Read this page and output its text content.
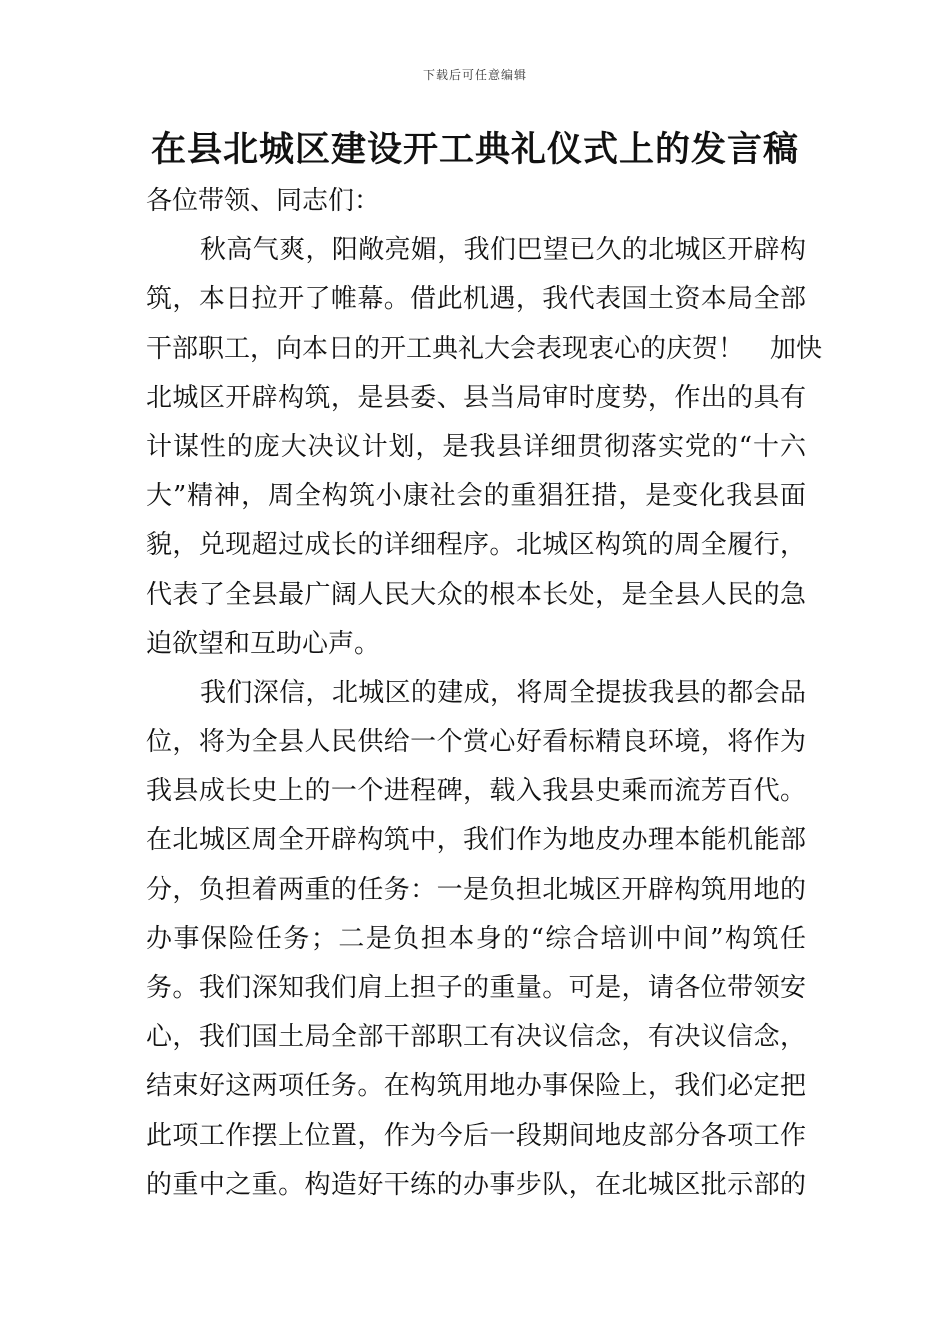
下载后可任意编辑
在县北城区建设开工典礼仪式上的发言稿
各位带领、同志们：
秋高气爽，阳敞亮媚，我们巴望已久的北城区开辟构
筑，本日拉开了帷幕。借此机遇，我代表国土资本局全部
干部职工，向本日的开工典礼大会表现衷心的庆贺！　加快
北城区开辟构筑，是县委、县当局审时度势，作出的具有
计谋性的庞大决议计划，是我县详细贯彻落实党的“十六
大”精神，周全构筑小康社会的重猖狂措，是变化我县面
貌，兑现超过成长的详细程序。北城区构筑的周全履行，
代表了全县最广阔人民大众的根本长处，是全县人民的急
迫欲望和互助心声。
我们深信，北城区的建成，将周全提拔我县的都会品
位，将为全县人民供给一个赏心好看标精良环境，将作为
我县成长史上的一个进程碑，载入我县史乘而流芳百代。
在北城区周全开辟构筑中，我们作为地皮办理本能机能部
分，负担着两重的任务：一是负担北城区开辟构筑用地的
办事保险任务；二是负担本身的“综合培训中间”构筑任
务。我们深知我们肩上担子的重量。可是，请各位带领安
心，我们国土局全部干部职工有决议信念，有决议信念，
结束好这两项任务。在构筑用地办事保险上，我们必定把
此项工作摆上位置，作为今后一段期间地皮部分各项工作
的重中之重。构造好干练的办事步队，在北城区批示部的
